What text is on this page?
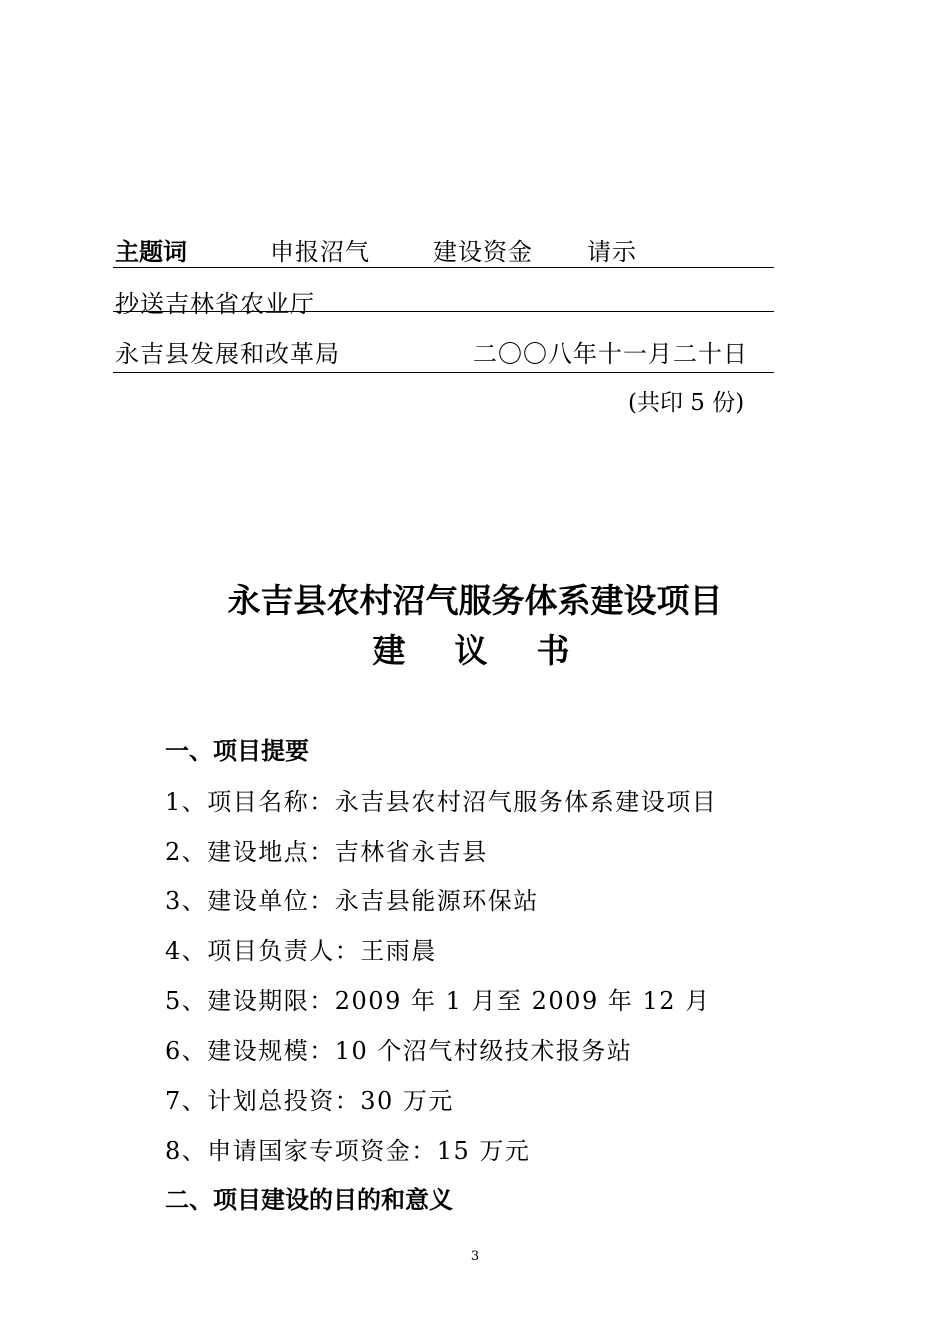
主题词	申报沼气	建设资金 请示
抄送吉林省农业厅
永吉县发展和改革局	二〇〇八年十一月二十日
(共印 5 份)
永吉县农村沼气服务体系建设项目
建　议　书
一、项目提要
1、项目名称：永吉县农村沼气服务体系建设项目
2、建设地点：吉林省永吉县
3、建设单位：永吉县能源环保站
4、项目负责人：王雨晨
5、建设期限：2009 年 1 月至 2009 年 12 月
6、建设规模：10 个沼气村级技术报务站
7、计划总投资：30 万元
8、申请国家专项资金：15 万元
二、项目建设的目的和意义
3
